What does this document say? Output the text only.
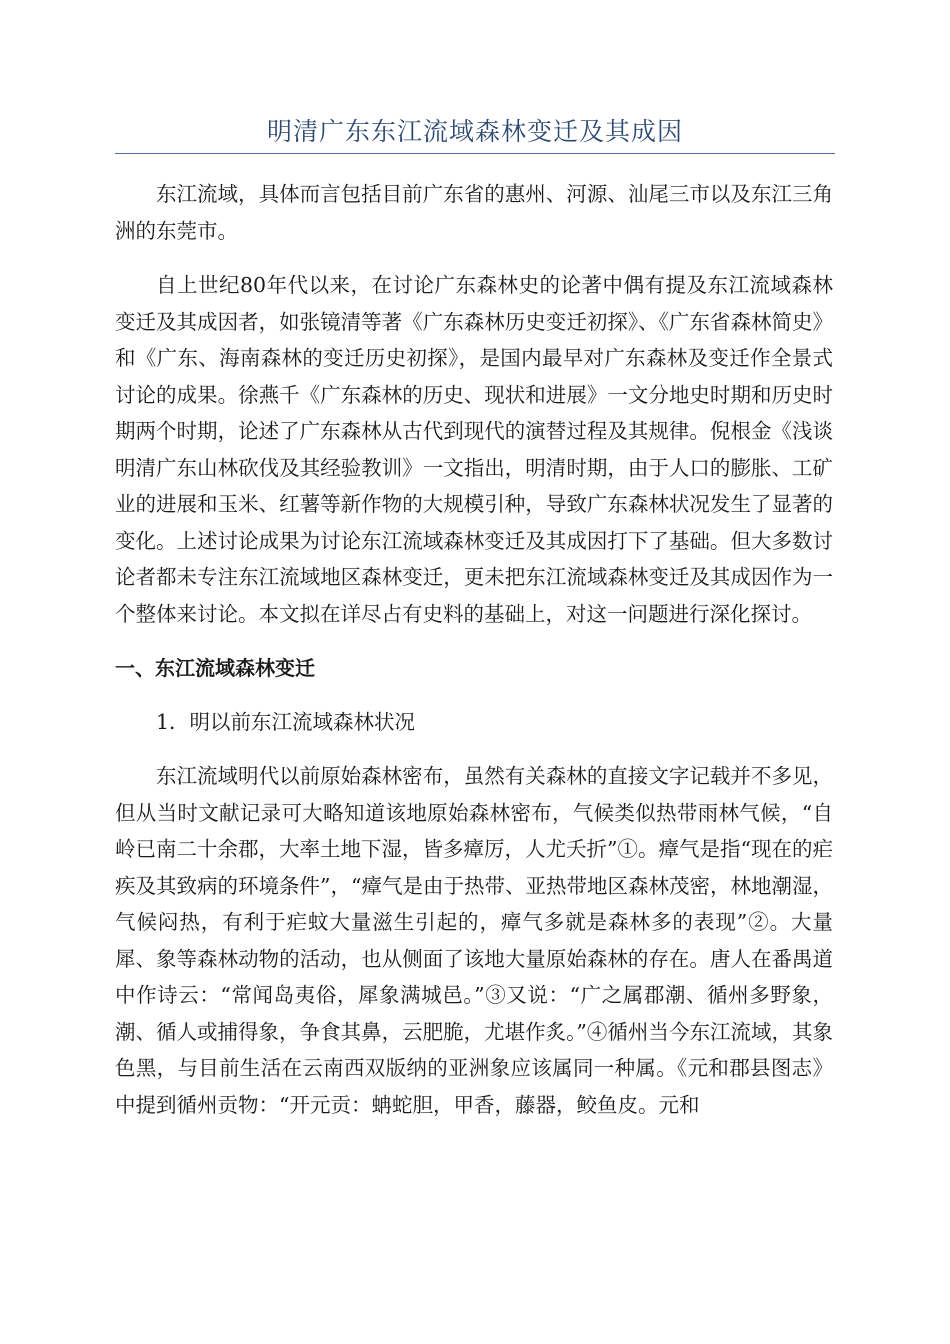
明清广东东江流域森林变迁及其成因

东江流域，具体而言包括目前广东省的惠州、河源、汕尾三市以及东江三角洲的东莞市。

自上世纪80年代以来，在讨论广东森林史的论著中偶有提及东江流域森林变迁及其成因者，如张镜清等著《广东森林历史变迁初探》、《广东省森林简史》和《广东、海南森林的变迁历史初探》，是国内最早对广东森林及变迁作全景式讨论的成果。徐燕千《广东森林的历史、现状和进展》一文分地史时期和历史时期两个时期，论述了广东森林从古代到现代的演替过程及其规律。倪根金《浅谈明清广东山林砍伐及其经验教训》一文指出，明清时期，由于人口的膨胀、工矿业的进展和玉米、红薯等新作物的大规模引种，导致广东森林状况发生了显著的变化。上述讨论成果为讨论东江流域森林变迁及其成因打下了基础。但大多数讨论者都未专注东江流域地区森林变迁，更未把东江流域森林变迁及其成因作为一个整体来讨论。本文拟在详尽占有史料的基础上，对这一问题进行深化探讨。

一、东江流域森林变迁
1．明以前东江流域森林状况

东江流域明代以前原始森林密布，虽然有关森林的直接文字记载并不多见，但从当时文献记录可大略知道该地原始森林密布，气候类似热带雨林气候，“自岭已南二十余郡，大率土地下湿，皆多瘴厉，人尤夭折”①。瘴气是指“现在的疟疾及其致病的环境条件”，“瘴气是由于热带、亚热带地区森林茂密，林地潮湿，气候闷热，有利于疟蚊大量滋生引起的，瘴气多就是森林多的表现”②。大量犀、象等森林动物的活动，也从侧面了该地大量原始森林的存在。唐人在番禺道中作诗云：“常闻岛夷俗，犀象满城邑。”③又说：“广之属郡潮、循州多野象，潮、循人或捕得象，争食其鼻，云肥脆，尤堪作炙。”④循州当今东江流域，其象色黑，与目前生活在云南西双版纳的亚洲象应该属同一种属。《元和郡县图志》中提到循州贡物：“开元贡：蚺蛇胆，甲香，藤器，鲛鱼皮。元和
